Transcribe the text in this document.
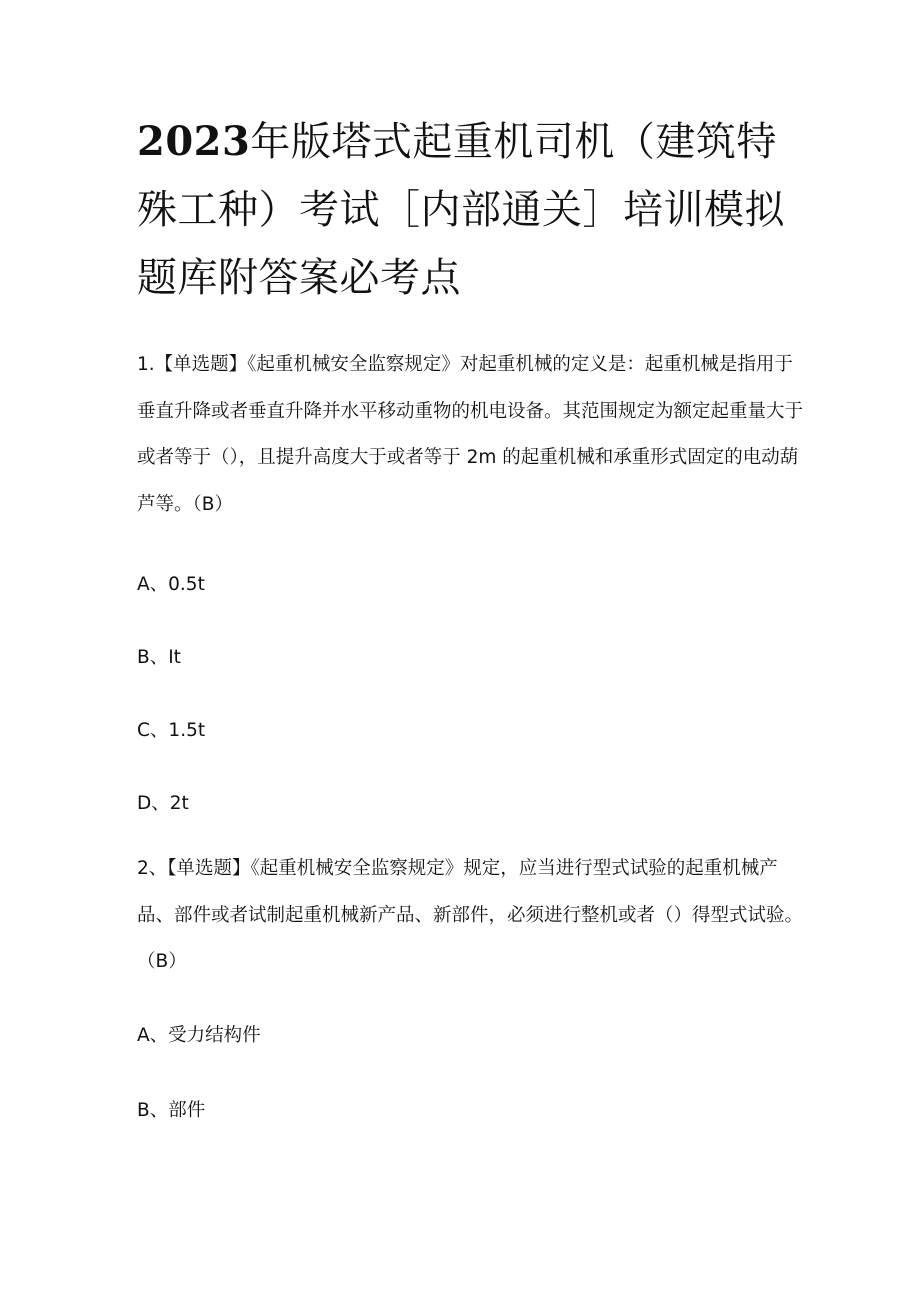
2023年版塔式起重机司机（建筑特殊工种）考试［内部通关］培训模拟题库附答案必考点

1.【单选题】《起重机械安全监察规定》对起重机械的定义是：起重机械是指用于垂直升降或者垂直升降并水平移动重物的机电设备。其范围规定为额定起重量大于或者等于（），且提升高度大于或者等于 2m 的起重机械和承重形式固定的电动葫芦等。（B）

A、0.5t

B、It

C、1.5t

D、2t

2、【单选题】《起重机械安全监察规定》规定，应当进行型式试验的起重机械产品、部件或者试制起重机械新产品、新部件，必须进行整机或者（）得型式试验。（B）

A、受力结构件

B、部件
